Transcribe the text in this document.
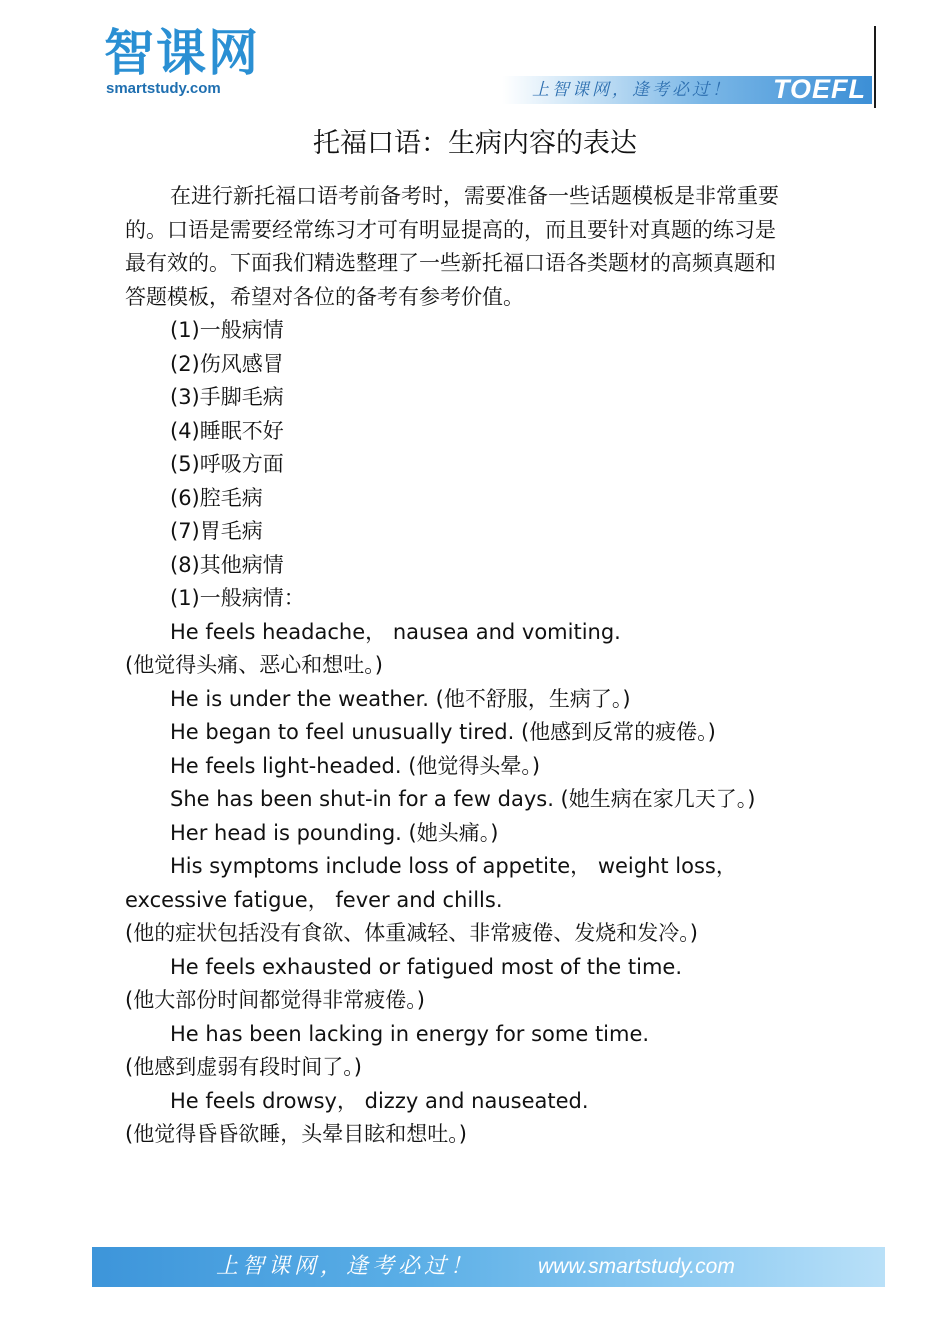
智课网
smartstudy.com	上智课网，逢考必过！ TOEFL
托福口语：生病内容的表达

在进行新托福口语考前备考时，需要准备一些话题模板是非常重要

的。口语是需要经常练习才可有明显提高的，而且要针对真题的练习是

最有效的。下面我们精选整理了一些新托福口语各类题材的高频真题和

答题模板，希望对各位的备考有参考价值。

(1)一般病情

(2)伤风感冒

(3)手脚毛病

(4)睡眠不好

(5)呼吸方面

(6)腔毛病

(7)胃毛病

(8)其他病情

(1)一般病情：

He feels headache， nausea and vomiting.

(他觉得头痛、恶心和想吐。)

He is under the weather. (他不舒服，生病了。)

He began to feel unusually tired. (他感到反常的疲倦。)

He feels light-headed. (他觉得头晕。)

She has been shut-in for a few days. (她生病在家几天了。)

Her head is pounding. (她头痛。)

His symptoms include loss of appetite， weight loss，

excessive fatigue， fever and chills.

(他的症状包括没有食欲、体重减轻、非常疲倦、发烧和发冷。)

He feels exhausted or fatigued most of the time.

(他大部份时间都觉得非常疲倦。)

He has been lacking in energy for some time.

(他感到虚弱有段时间了。)

He feels drowsy， dizzy and nauseated.

(他觉得昏昏欲睡，头晕目眩和想吐。)

上智课网，逢考必过！	www.smartstudy.com
